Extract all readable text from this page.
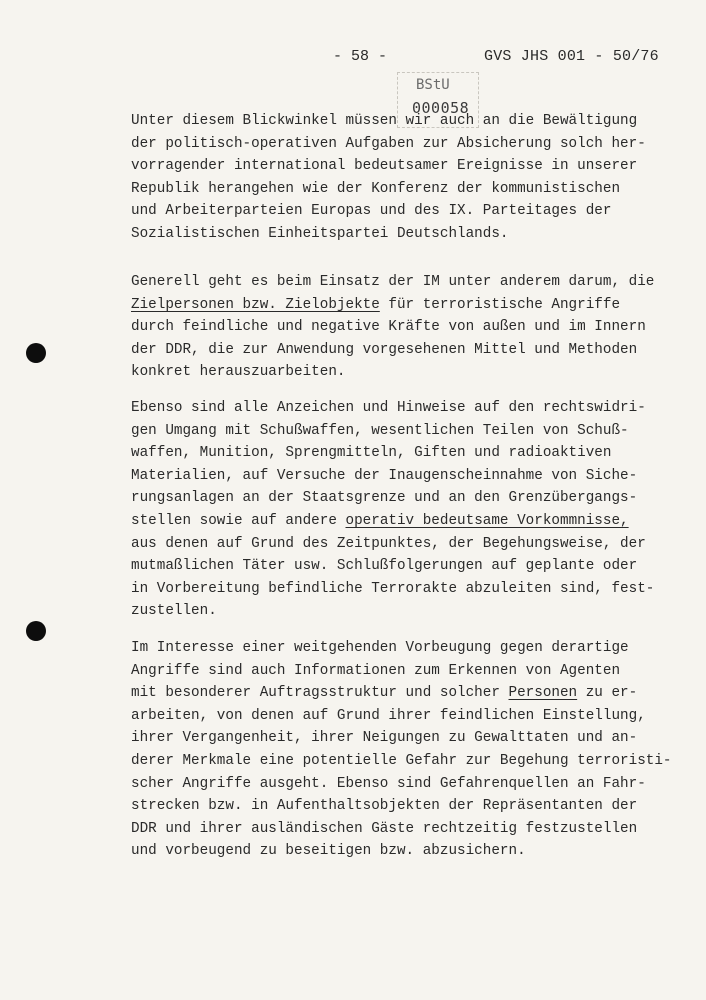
- 58 -
BStU
000058
GVS JHS 001 - 50/76
Unter diesem Blickwinkel müssen wir auch an die Bewältigung
der politisch-operativen Aufgaben zur Absicherung solch her-
vorragender international bedeutsamer Ereignisse in unserer
Republik herangehen wie der Konferenz der kommunistischen
und Arbeiterparteien Europas und des IX. Parteitages der
Sozialistischen Einheitspartei Deutschlands.
Generell geht es beim Einsatz der IM unter anderem darum, die
Zielpersonen bzw. Zielobjekte für terroristische Angriffe
durch feindliche und negative Kräfte von außen und im Innern
der DDR, die zur Anwendung vorgesehenen Mittel und Methoden
konkret herauszuarbeiten.
Ebenso sind alle Anzeichen und Hinweise auf den rechtswidri-
gen Umgang mit Schußwaffen, wesentlichen Teilen von Schuß-
waffen, Munition, Sprengmitteln, Giften und radioaktiven
Materialien, auf Versuche der Inaugenscheinnahme von Siche-
rungsanlagen an der Staatsgrenze und an den Grenzübergangs-
stellen sowie auf andere operativ bedeutsame Vorkommnisse,
aus denen auf Grund des Zeitpunktes, der Begehungsweise, der
mutmaßlichen Täter usw. Schlußfolgerungen auf geplante oder
in Vorbereitung befindliche Terrorakte abzuleiten sind, fest-
zustellen.
Im Interesse einer weitgehenden Vorbeugung gegen derartige
Angriffe sind auch Informationen zum Erkennen von Agenten
mit besonderer Auftragsstruktur und solcher Personen zu er-
arbeiten, von denen auf Grund ihrer feindlichen Einstellung,
ihrer Vergangenheit, ihrer Neigungen zu Gewalttaten und an-
derer Merkmale eine potentielle Gefahr zur Begehung terroristi-
scher Angriffe ausgeht. Ebenso sind Gefahrenquellen an Fahr-
strecken bzw. in Aufenthaltsobjekten der Repräsentanten der
DDR und ihrer ausländischen Gäste rechtzeitig festzustellen
und vorbeugend zu beseitigen bzw. abzusichern.
